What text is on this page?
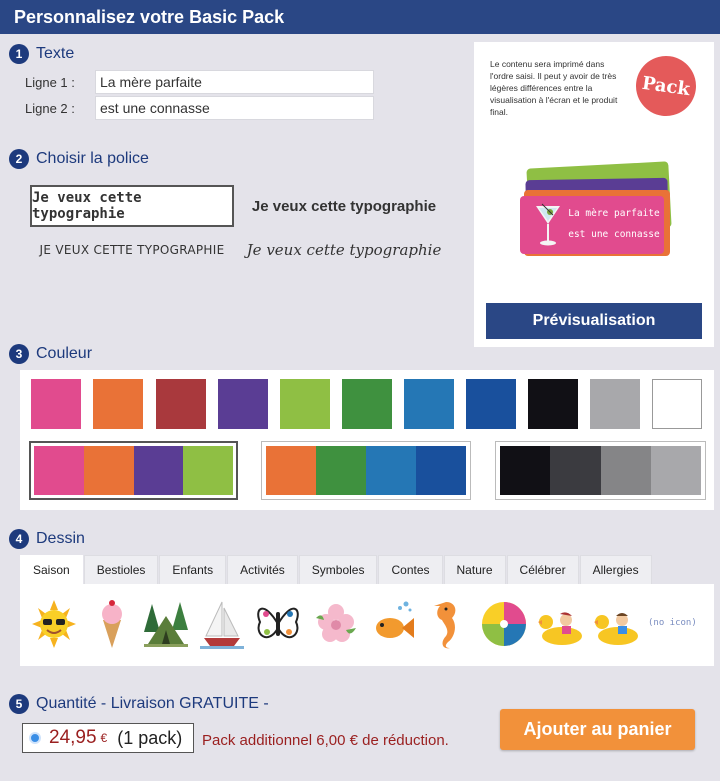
Personnalisez votre Basic Pack
1 Texte
Ligne 1 :	La mère parfaite
Ligne 2 :	est une connasse
2 Choisir la police
Je veux cette typographie	Je veux cette typographie
JE VEUX CETTE TYPOGRAPHIE	Je veux cette typographie
Le contenu sera imprimé dans l'ordre saisi. Il peut y avoir de très légères différences entre la visualisation à l'écran et le produit final.
Pack
La mère parfaite
est une connasse
Prévisualisation
3 Couleur
4 Dessin
Saison	Bestioles	Enfants	Activités	Symboles	Contes	Nature	Célébrer	Allergies
(no icon)
5 Quantité - Livraison GRATUITE -
24,95 € (1 pack) Pack additionnel 6,00 € de réduction.
Ajouter au panier
